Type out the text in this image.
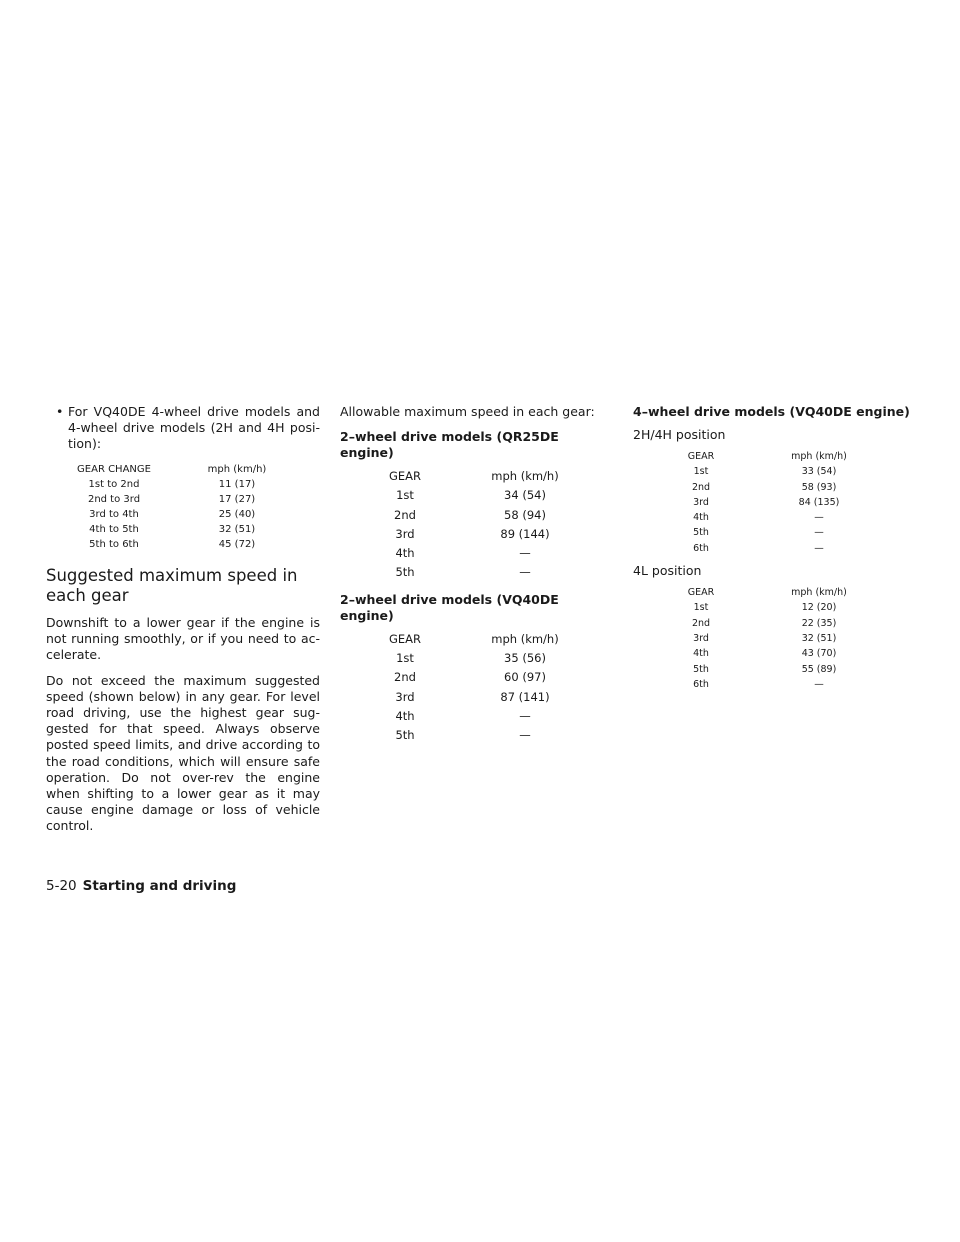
• For VQ40DE 4-wheel drive models and 4-wheel drive models (2H and 4H posi-tion):
GEAR CHANGE	mph (km/h)
1st to 2nd	11 (17)
2nd to 3rd	17 (27)
3rd to 4th	25 (40)
4th to 5th	32 (51)
5th to 6th	45 (72)
Suggested maximum speed in each gear

Downshift to a lower gear if the engine is not running smoothly, or if you need to ac-celerate.

Do not exceed the maximum suggested speed (shown below) in any gear. For level road driving, use the highest gear sug-gested for that speed. Always observe posted speed limits, and drive according to the road conditions, which will ensure safe operation. Do not over-rev the engine when shifting to a lower gear as it may cause engine damage or loss of vehicle control.

Allowable maximum speed in each gear:

2–wheel drive models (QR25DE engine)

GEAR	mph (km/h)
1st	34 (54)
2nd	58 (94)
3rd	89 (144)
4th	—
5th	—

2–wheel drive models (VQ40DE engine)

GEAR	mph (km/h)
1st	35 (56)
2nd	60 (97)
3rd	87 (141)
4th	—
5th	—

4–wheel drive models (VQ40DE engine)

2H/4H position

GEAR	mph (km/h)
1st	33 (54)
2nd	58 (93)
3rd	84 (135)
4th	—
5th	—
6th	—

4L position

GEAR	mph (km/h)
1st	12 (20)
2nd	22 (35)
3rd	32 (51)
4th	43 (70)
5th	55 (89)
6th	—
5-20 Starting and driving
